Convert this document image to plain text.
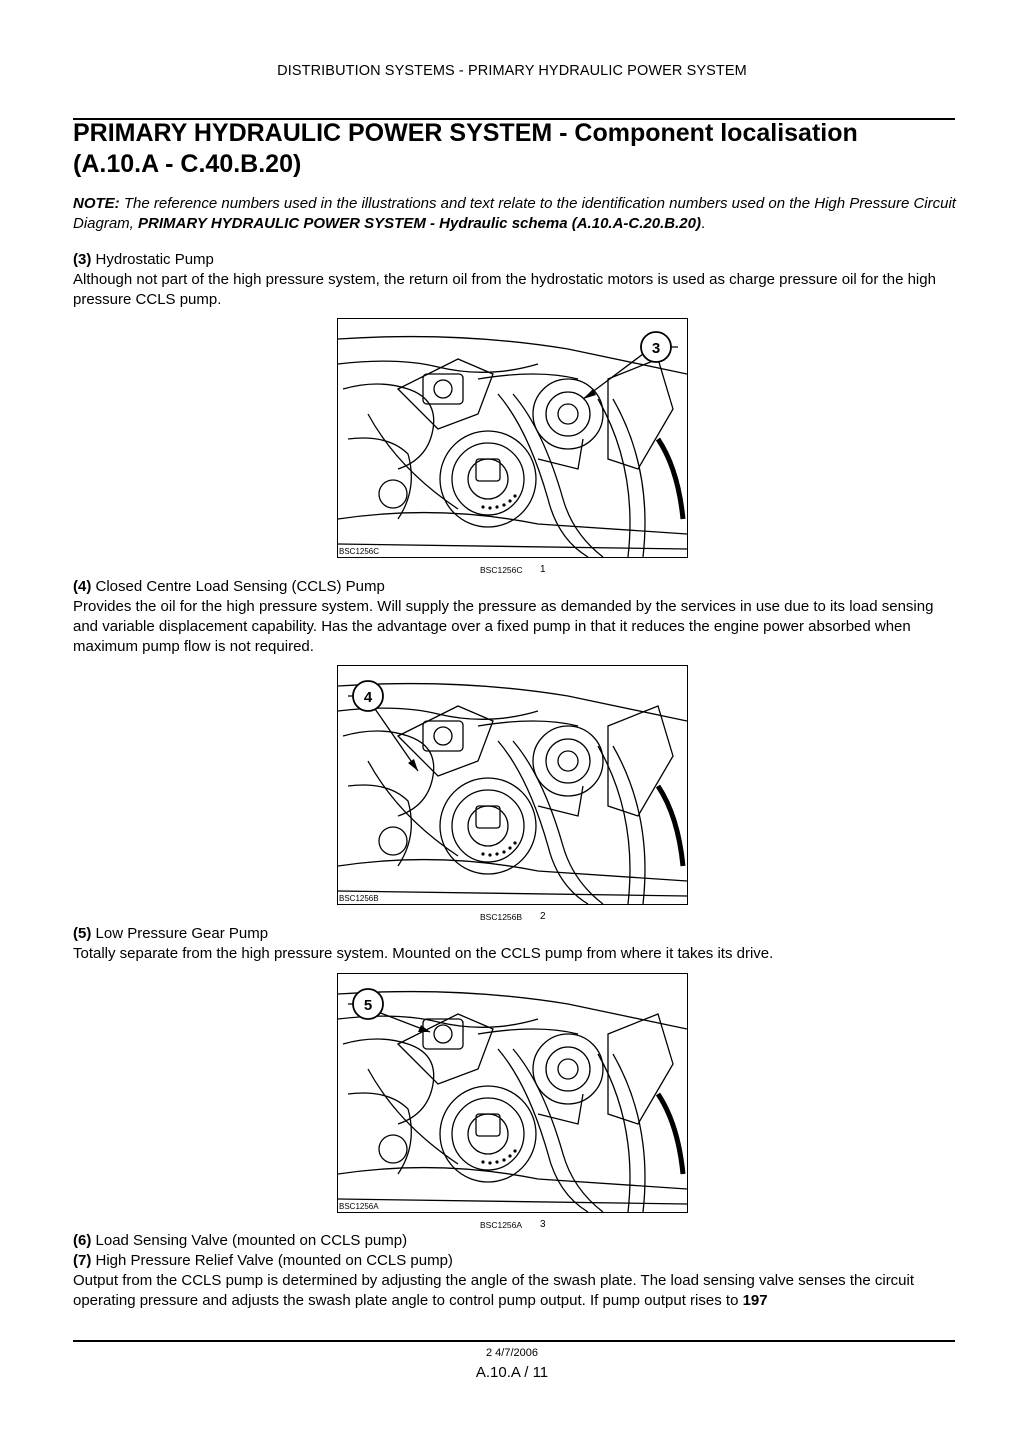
DISTRIBUTION SYSTEMS - PRIMARY HYDRAULIC POWER SYSTEM
PRIMARY HYDRAULIC POWER SYSTEM - Component localisation
(A.10.A - C.40.B.20)
NOTE: The reference numbers used in the illustrations and text relate to the identification numbers used on the High Pressure Circuit Diagram, PRIMARY HYDRAULIC POWER SYSTEM - Hydraulic schema (A.10.A-C.20.B.20).
(3) Hydrostatic Pump
Although not part of the high pressure system, the return oil from the hydrostatic motors is used as charge pressure oil for the high pressure CCLS pump.
3
BSC1256C
BSC1256C 1
(4) Closed Centre Load Sensing (CCLS) Pump
Provides the oil for the high pressure system. Will supply the pressure as demanded by the services in use due to its load sensing and variable displacement capability. Has the advantage over a fixed pump in that it reduces the engine power absorbed when maximum pump flow is not required.
4
BSC1256B
BSC1256B 2
(5) Low Pressure Gear Pump
Totally separate from the high pressure system. Mounted on the CCLS pump from where it takes its drive.
5
BSC1256A
BSC1256A 3
(6) Load Sensing Valve (mounted on CCLS pump)
(7) High Pressure Relief Valve (mounted on CCLS pump)
Output from the CCLS pump is determined by adjusting the angle of the swash plate. The load sensing valve senses the circuit operating pressure and adjusts the swash plate angle to control pump output. If pump output rises to 197
2 4/7/2006
A.10.A / 11
